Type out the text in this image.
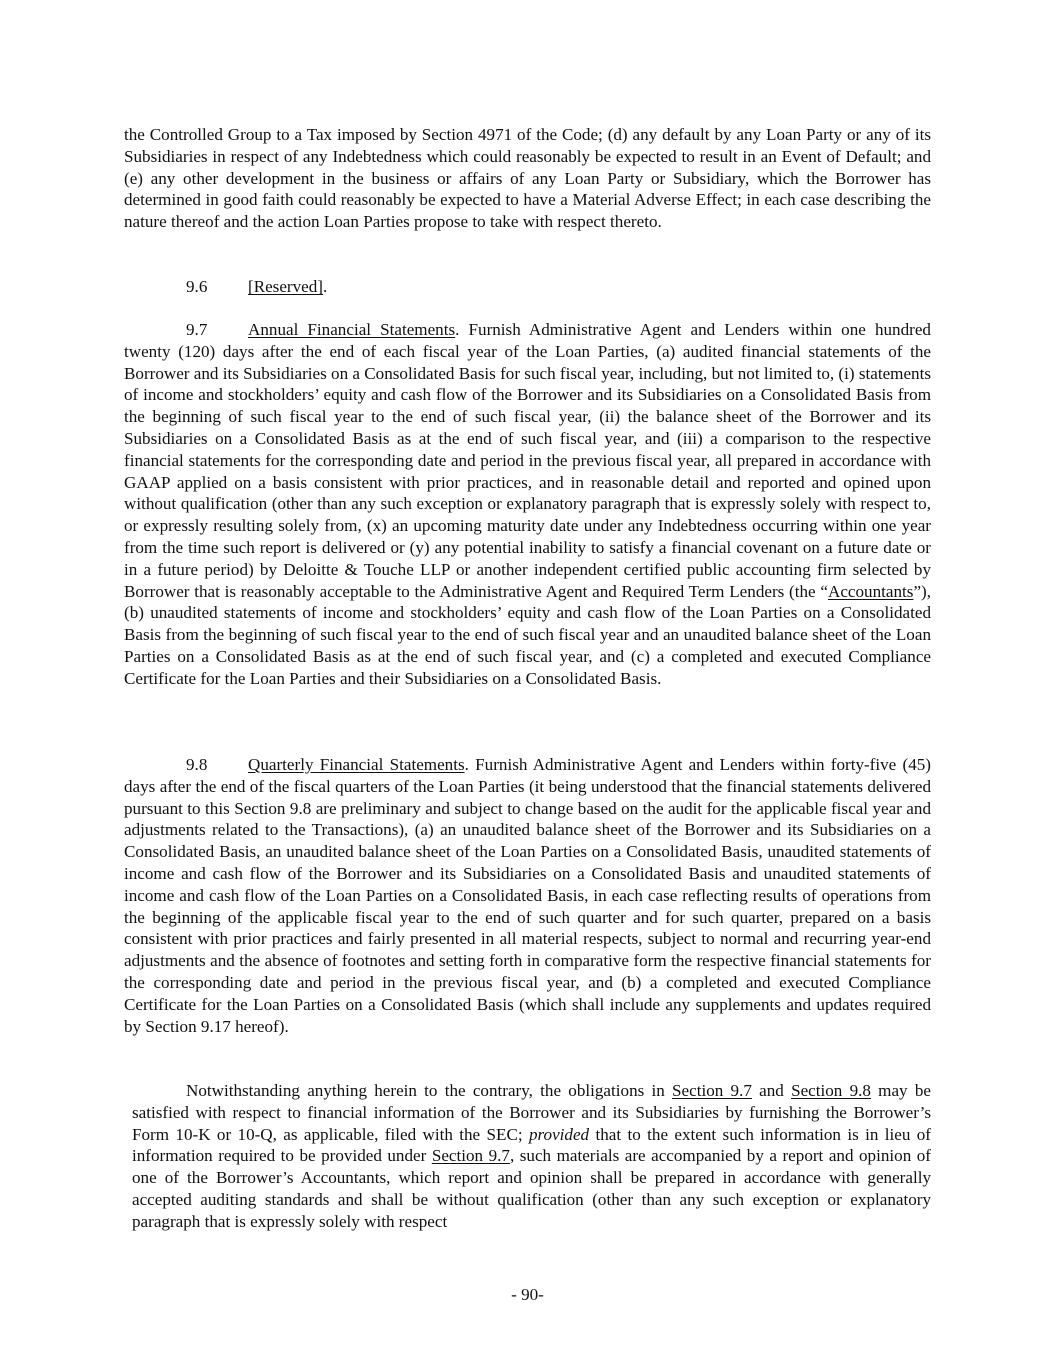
the Controlled Group to a Tax imposed by Section 4971 of the Code; (d) any default by any Loan Party or any of its Subsidiaries in respect of any Indebtedness which could reasonably be expected to result in an Event of Default; and (e) any other development in the business or affairs of any Loan Party or Subsidiary, which the Borrower has determined in good faith could reasonably be expected to have a Material Adverse Effect; in each case describing the nature thereof and the action Loan Parties propose to take with respect thereto.

9.6 [Reserved].

9.7 Annual Financial Statements. Furnish Administrative Agent and Lenders within one hundred twenty (120) days after the end of each fiscal year of the Loan Parties, (a) audited financial statements of the Borrower and its Subsidiaries on a Consolidated Basis for such fiscal year, including, but not limited to, (i) statements of income and stockholders’ equity and cash flow of the Borrower and its Subsidiaries on a Consolidated Basis from the beginning of such fiscal year to the end of such fiscal year, (ii) the balance sheet of the Borrower and its Subsidiaries on a Consolidated Basis as at the end of such fiscal year, and (iii) a comparison to the respective financial statements for the corresponding date and period in the previous fiscal year, all prepared in accordance with GAAP applied on a basis consistent with prior practices, and in reasonable detail and reported and opined upon without qualification (other than any such exception or explanatory paragraph that is expressly solely with respect to, or expressly resulting solely from, (x) an upcoming maturity date under any Indebtedness occurring within one year from the time such report is delivered or (y) any potential inability to satisfy a financial covenant on a future date or in a future period) by Deloitte & Touche LLP or another independent certified public accounting firm selected by Borrower that is reasonably acceptable to the Administrative Agent and Required Term Lenders (the “Accountants”), (b) unaudited statements of income and stockholders’ equity and cash flow of the Loan Parties on a Consolidated Basis from the beginning of such fiscal year to the end of such fiscal year and an unaudited balance sheet of the Loan Parties on a Consolidated Basis as at the end of such fiscal year, and (c) a completed and executed Compliance Certificate for the Loan Parties and their Subsidiaries on a Consolidated Basis.

9.8 Quarterly Financial Statements. Furnish Administrative Agent and Lenders within forty-five (45) days after the end of the fiscal quarters of the Loan Parties (it being understood that the financial statements delivered pursuant to this Section 9.8 are preliminary and subject to change based on the audit for the applicable fiscal year and adjustments related to the Transactions), (a) an unaudited balance sheet of the Borrower and its Subsidiaries on a Consolidated Basis, an unaudited balance sheet of the Loan Parties on a Consolidated Basis, unaudited statements of income and cash flow of the Borrower and its Subsidiaries on a Consolidated Basis and unaudited statements of income and cash flow of the Loan Parties on a Consolidated Basis, in each case reflecting results of operations from the beginning of the applicable fiscal year to the end of such quarter and for such quarter, prepared on a basis consistent with prior practices and fairly presented in all material respects, subject to normal and recurring year-end adjustments and the absence of footnotes and setting forth in comparative form the respective financial statements for the corresponding date and period in the previous fiscal year, and (b) a completed and executed Compliance Certificate for the Loan Parties on a Consolidated Basis (which shall include any supplements and updates required by Section 9.17 hereof).

Notwithstanding anything herein to the contrary, the obligations in Section 9.7 and Section 9.8 may be satisfied with respect to financial information of the Borrower and its Subsidiaries by furnishing the Borrower’s Form 10-K or 10-Q, as applicable, filed with the SEC; provided that to the extent such information is in lieu of information required to be provided under Section 9.7, such materials are accompanied by a report and opinion of one of the Borrower’s Accountants, which report and opinion shall be prepared in accordance with generally accepted auditing standards and shall be without qualification (other than any such exception or explanatory paragraph that is expressly solely with respect

- 90-
